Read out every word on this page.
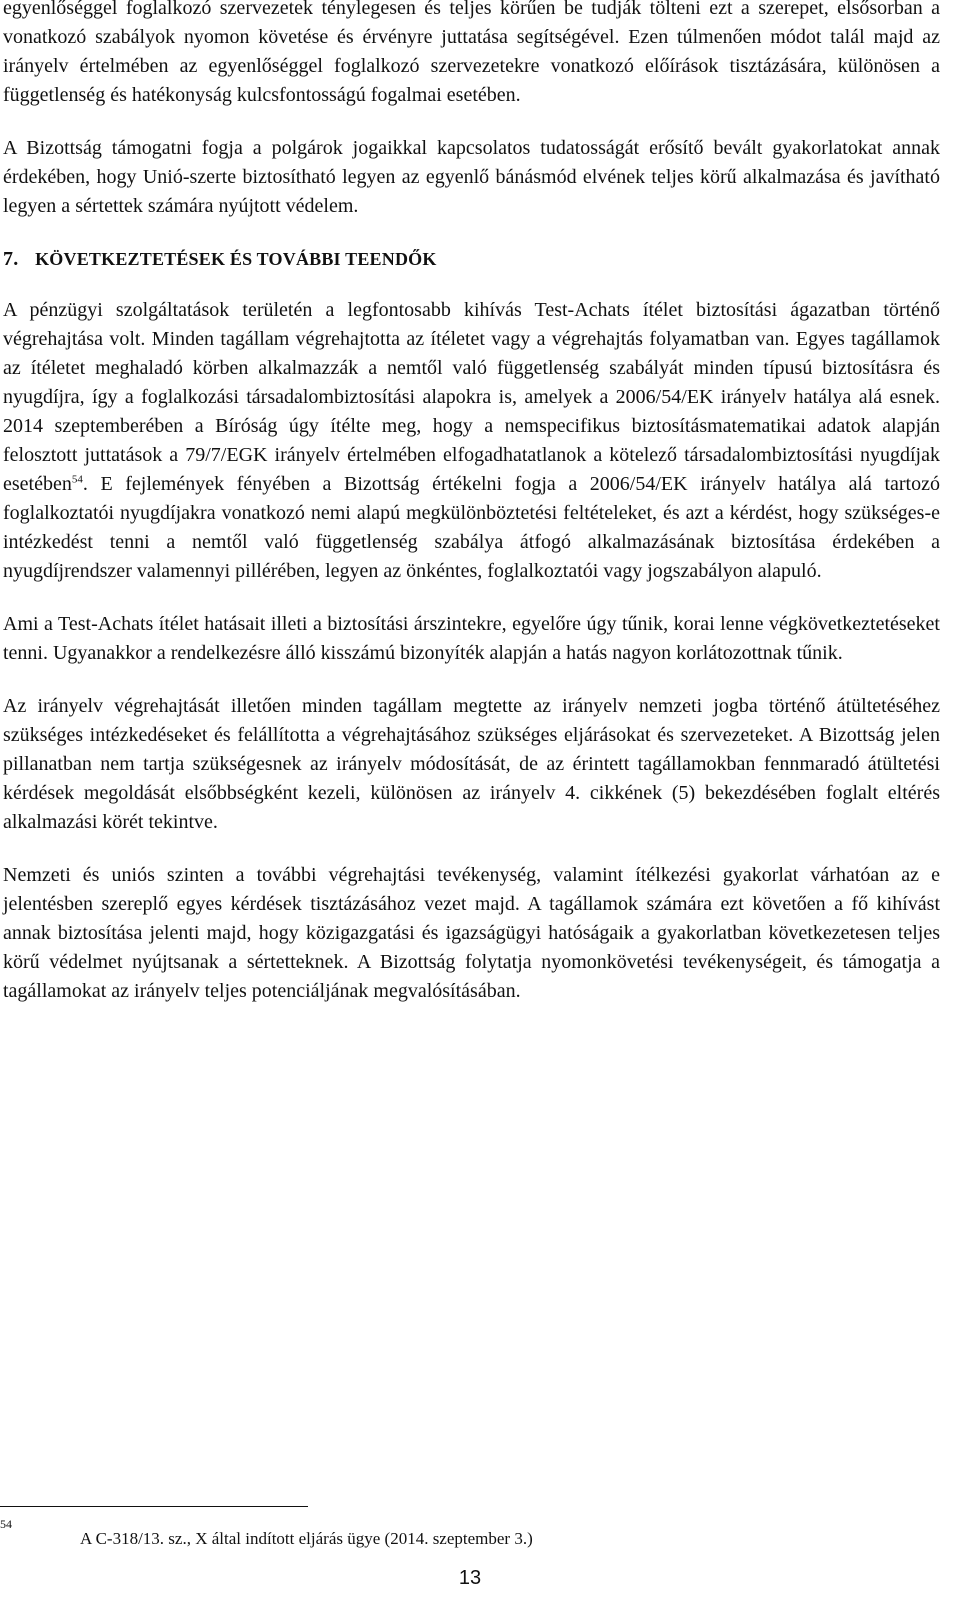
egyenlőséggel foglalkozó szervezetek ténylegesen és teljes körűen be tudják tölteni ezt a szerepet, elsősorban a vonatkozó szabályok nyomon követése és érvényre juttatása segítségével. Ezen túlmenően módot talál majd az irányelv értelmében az egyenlőséggel foglalkozó szervezetekre vonatkozó előírások tisztázására, különösen a függetlenség és hatékonyság kulcsfontosságú fogalmai esetében.

A Bizottság támogatni fogja a polgárok jogaikkal kapcsolatos tudatosságát erősítő bevált gyakorlatokat annak érdekében, hogy Unió-szerte biztosítható legyen az egyenlő bánásmód elvének teljes körű alkalmazása és javítható legyen a sértettek számára nyújtott védelem.

7. KÖVETKEZTETÉSEK ÉS TOVÁBBI TEENDŐK

A pénzügyi szolgáltatások területén a legfontosabb kihívás Test-Achats ítélet biztosítási ágazatban történő végrehajtása volt. Minden tagállam végrehajtotta az ítéletet vagy a végrehajtás folyamatban van. Egyes tagállamok az ítéletet meghaladó körben alkalmazzák a nemtől való függetlenség szabályát minden típusú biztosításra és nyugdíjra, így a foglalkozási társadalombiztosítási alapokra is, amelyek a 2006/54/EK irányelv hatálya alá esnek. 2014 szeptemberében a Bíróság úgy ítélte meg, hogy a nemspecifikus biztosításmatematikai adatok alapján felosztott juttatások a 79/7/EGK irányelv értelmében elfogadhatatlanok a kötelező társadalombiztosítási nyugdíjak esetében$^{54}$. E fejlemények fényében a Bizottság értékelni fogja a 2006/54/EK irányelv hatálya alá tartozó foglalkoztatói nyugdíjakra vonatkozó nemi alapú megkülönböztetési feltételeket, és azt a kérdést, hogy szükséges-e intézkedést tenni a nemtől való függetlenség szabálya átfogó alkalmazásának biztosítása érdekében a nyugdíjrendszer valamennyi pillérében, legyen az önkéntes, foglalkoztatói vagy jogszabályon alapuló.

Ami a Test-Achats ítélet hatásait illeti a biztosítási árszintekre, egyelőre úgy tűnik, korai lenne végkövetkeztetéseket tenni. Ugyanakkor a rendelkezésre álló kisszámú bizonyíték alapján a hatás nagyon korlátozottnak tűnik.

Az irányelv végrehajtását illetően minden tagállam megtette az irányelv nemzeti jogba történő átültetéséhez szükséges intézkedéseket és felállította a végrehajtásához szükséges eljárásokat és szervezeteket. A Bizottság jelen pillanatban nem tartja szükségesnek az irányelv módosítását, de az érintett tagállamokban fennmaradó átültetési kérdések megoldását elsőbbségként kezeli, különösen az irányelv 4. cikkének (5) bekezdésében foglalt eltérés alkalmazási körét tekintve.

Nemzeti és uniós szinten a további végrehajtási tevékenység, valamint ítélkezési gyakorlat várhatóan az e jelentésben szereplő egyes kérdések tisztázásához vezet majd. A tagállamok számára ezt követően a fő kihívást annak biztosítása jelenti majd, hogy közigazgatási és igazságügyi hatóságaik a gyakorlatban következetesen teljes körű védelmet nyújtsanak a sértetteknek. A Bizottság folytatja nyomonkövetési tevékenységeit, és támogatja a tagállamokat az irányelv teljes potenciáljának megvalósításában.

54
A C-318/13. sz., X által indított eljárás ügye (2014. szeptember 3.)
13
